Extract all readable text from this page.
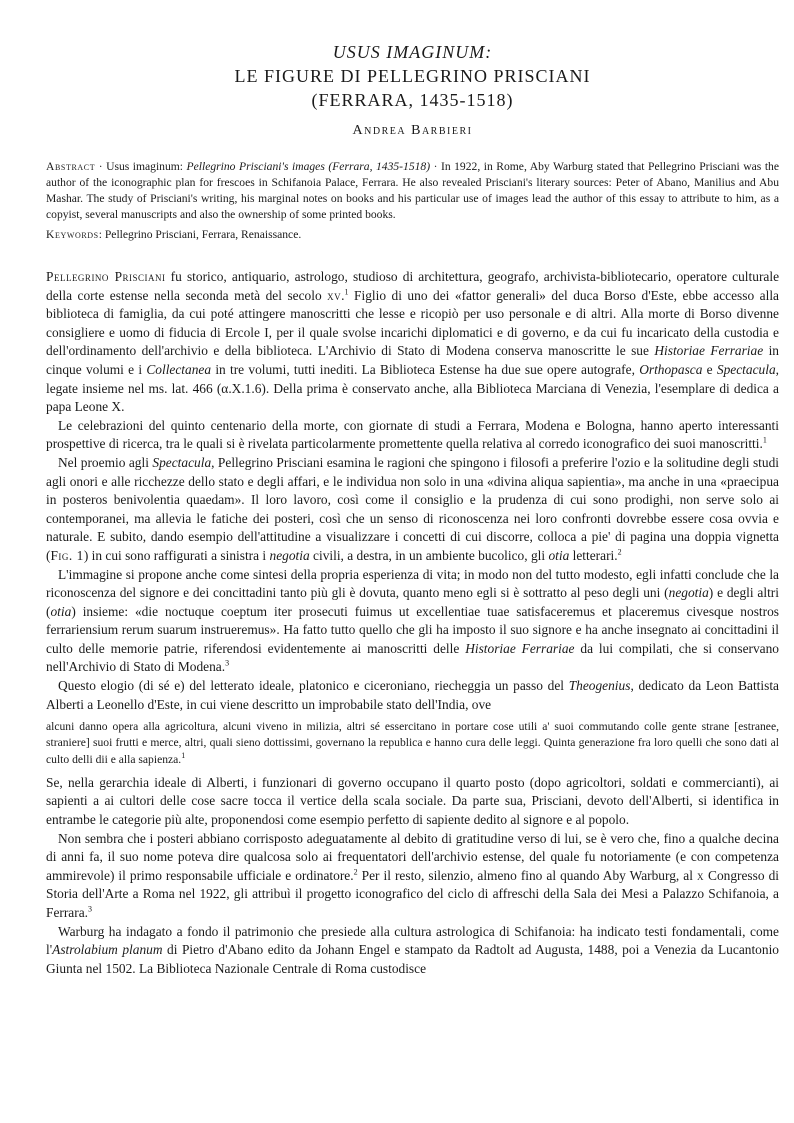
USUS IMAGINUM:
LE FIGURE DI PELLEGRINO PRISCIANI
(FERRARA, 1435-1518)
Andrea Barbieri
Abstract · Usus imaginum: Pellegrino Prisciani's images (Ferrara, 1435-1518) · In 1922, in Rome, Aby Warburg stated that Pellegrino Prisciani was the author of the iconographic plan for frescoes in Schifanoia Palace, Ferrara. He also revealed Prisciani's literary sources: Peter of Abano, Manilius and Abu Mashar. The study of Prisciani's writing, his marginal notes on books and his particular use of images lead the author of this essay to attribute to him, as a copyist, several manuscripts and also the ownership of some printed books.
Keywords: Pellegrino Prisciani, Ferrara, Renaissance.

Pellegrino Prisciani fu storico, antiquario, astrologo, studioso di architettura, geografo, archivista-bibliotecario, operatore culturale della corte estense nella seconda metà del secolo xv.$^1$ Figlio di uno dei «fattor generali» del duca Borso d'Este, ebbe accesso alla biblioteca di famiglia, da cui poté attingere manoscritti che lesse e ricopiò per uso personale e di altri. Alla morte di Borso divenne consigliere e uomo di fiducia di Ercole I, per il quale svolse incarichi diplomatici e di governo, e da cui fu incaricato della custodia e dell'ordinamento dell'archivio e della biblioteca. L'Archivio di Stato di Modena conserva manoscritte le sue Historiae Ferrariae in cinque volumi e i Collectanea in tre volumi, tutti inediti. La Biblioteca Estense ha due sue opere autografe, Orthopasca e Spectacula, legate insieme nel ms. lat. 466 (α.X.1.6). Della prima è conservato anche, alla Biblioteca Marciana di Venezia, l'esemplare di dedica a papa Leone X.

Le celebrazioni del quinto centenario della morte, con giornate di studi a Ferrara, Modena e Bologna, hanno aperto interessanti prospettive di ricerca, tra le quali si è rivelata particolarmente promettente quella relativa al corredo iconografico dei suoi manoscritti.$^1$

Nel proemio agli Spectacula, Pellegrino Prisciani esamina le ragioni che spingono i filosofi a preferire l'ozio e la solitudine degli studi agli onori e alle ricchezze dello stato e degli affari, e le individua non solo in una «divina aliqua sapientia», ma anche in una «praecipua in posteros benivolentia quaedam». Il loro lavoro, così come il consiglio e la prudenza di cui sono prodighi, non serve solo ai contemporanei, ma allevia le fatiche dei posteri, così che un senso di riconoscenza nei loro confronti dovrebbe essere cosa ovvia e naturale. E subito, dando esempio dell'attitudine a visualizzare i concetti di cui discorre, colloca a pie' di pagina una doppia vignetta (Fig. 1) in cui sono raffigurati a sinistra i negotia civili, a destra, in un ambiente bucolico, gli otia letterari.$^2$

L'immagine si propone anche come sintesi della propria esperienza di vita; in modo non del tutto modesto, egli infatti conclude che la riconoscenza del signore e dei concittadini tanto più gli è dovuta, quanto meno egli si è sottratto al peso degli uni (negotia) e degli altri (otia) insieme: «die noctuque coeptum iter prosecuti fuimus ut excellentiae tuae satisfaceremus et placeremus civesque nostros ferrariensium rerum suarum instrueremus». Ha fatto tutto quello che gli ha imposto il suo signore e ha anche insegnato ai concittadini il culto delle memorie patrie, riferendosi evidentemente ai manoscritti delle Historiae Ferrariae da lui compilati, che si conservano nell'Archivio di Stato di Modena.$^3$

Questo elogio (di sé e) del letterato ideale, platonico e ciceroniano, riecheggia un passo del Theogenius, dedicato da Leon Battista Alberti a Leonello d'Este, in cui viene descritto un improbabile stato dell'India, ove

alcuni danno opera alla agricoltura, alcuni viveno in milizia, altri sé essercitano in portare cose utili a' suoi commutando colle gente strane [estranee, straniere] suoi frutti e merce, altri, quali sieno dottissimi, governano la republica e hanno cura delle leggi. Quinta generazione fra loro quelli che sono dati al culto delli dii e alla sapienza.$^1$

Se, nella gerarchia ideale di Alberti, i funzionari di governo occupano il quarto posto (dopo agricoltori, soldati e commercianti), ai sapienti a ai cultori delle cose sacre tocca il vertice della scala sociale. Da parte sua, Prisciani, devoto dell'Alberti, si identifica in entrambe le categorie più alte, proponendosi come esempio perfetto di sapiente dedito al signore e al popolo.

Non sembra che i posteri abbiano corrisposto adeguatamente al debito di gratitudine verso di lui, se è vero che, fino a qualche decina di anni fa, il suo nome poteva dire qualcosa solo ai frequentatori dell'archivio estense, del quale fu notoriamente (e con competenza ammirevole) il primo responsabile ufficiale e ordinatore.$^2$ Per il resto, silenzio, almeno fino al quando Aby Warburg, al x Congresso di Storia dell'Arte a Roma nel 1922, gli attribuì il progetto iconografico del ciclo di affreschi della Sala dei Mesi a Palazzo Schifanoia, a Ferrara.$^3$

Warburg ha indagato a fondo il patrimonio che presiede alla cultura astrologica di Schifanoia: ha indicato testi fondamentali, come l'Astrolabium planum di Pietro d'Abano edito da Johann Engel e stampato da Radtolt ad Augusta, 1488, poi a Venezia da Lucantonio Giunta nel 1502. La Biblioteca Nazionale Centrale di Roma custodisce
